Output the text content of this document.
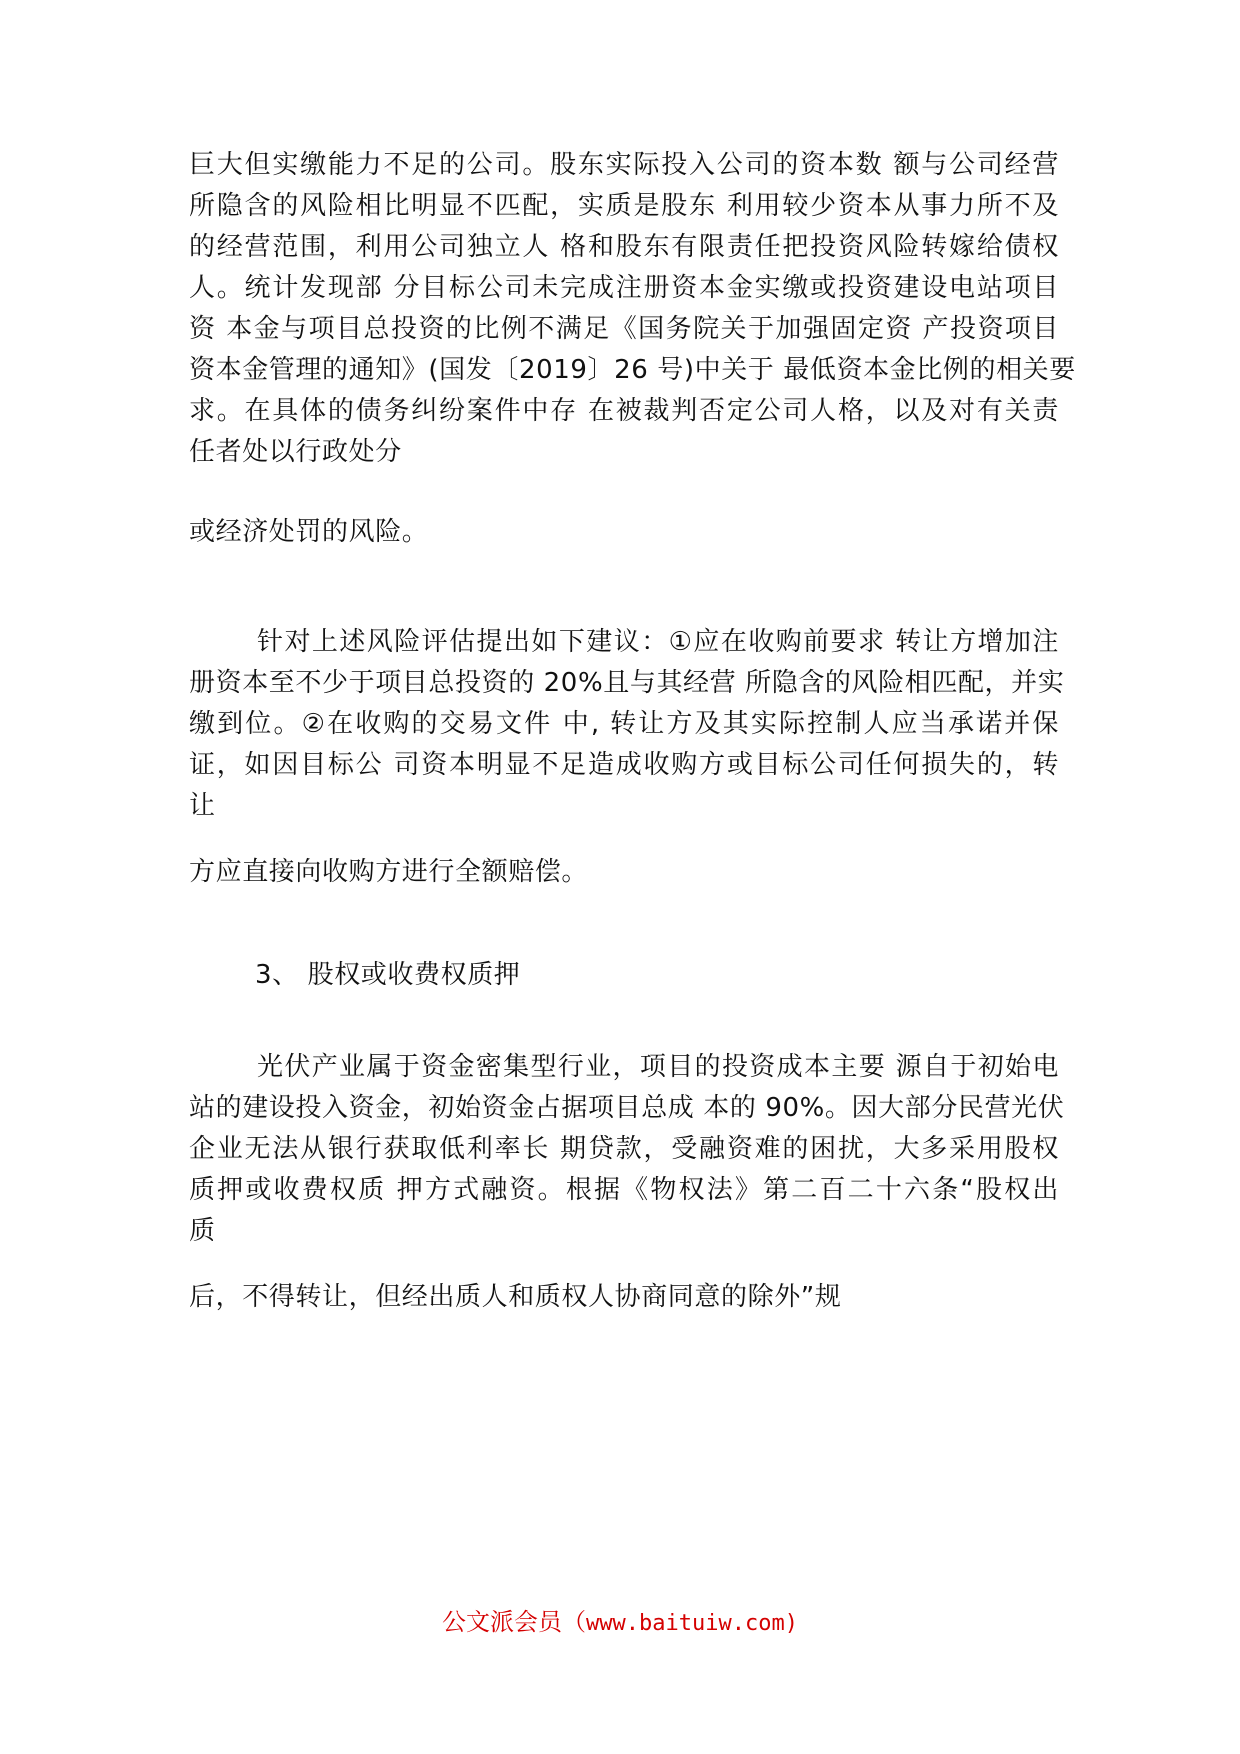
巨大但实缴能力不足的公司。股东实际投入公司的资本数 额与公司经营
所隐含的风险相比明显不匹配，实质是股东 利用较少资本从事力所不及
的经营范围，利用公司独立人 格和股东有限责任把投资风险转嫁给债权
人。统计发现部 分目标公司未完成注册资本金实缴或投资建设电站项目
资 本金与项目总投资的比例不满足《国务院关于加强固定资 产投资项目
资本金管理的通知》(国发〔2019〕26 号)中关于 最低资本金比例的相关要
求。在具体的债务纠纷案件中存 在被裁判否定公司人格，以及对有关责
任者处以行政处分

或经济处罚的风险。

针对上述风险评估提出如下建议：①应在收购前要求 转让方增加注
册资本至不少于项目总投资的 20%且与其经营 所隐含的风险相匹配，并实
缴到位。②在收购的交易文件 中, 转让方及其实际控制人应当承诺并保
证，如因目标公 司资本明显不足造成收购方或目标公司任何损失的，转
让

方应直接向收购方进行全额赔偿。

3、 股权或收费权质押

光伏产业属于资金密集型行业，项目的投资成本主要 源自于初始电
站的建设投入资金，初始资金占据项目总成 本的 90%。因大部分民营光伏
企业无法从银行获取低利率长 期贷款，受融资难的困扰，大多采用股权
质押或收费权质 押方式融资。根据《物权法》第二百二十六条“股权出
质

后，不得转让，但经出质人和质权人协商同意的除外”规

公文派会员（www.baituiw.com)
